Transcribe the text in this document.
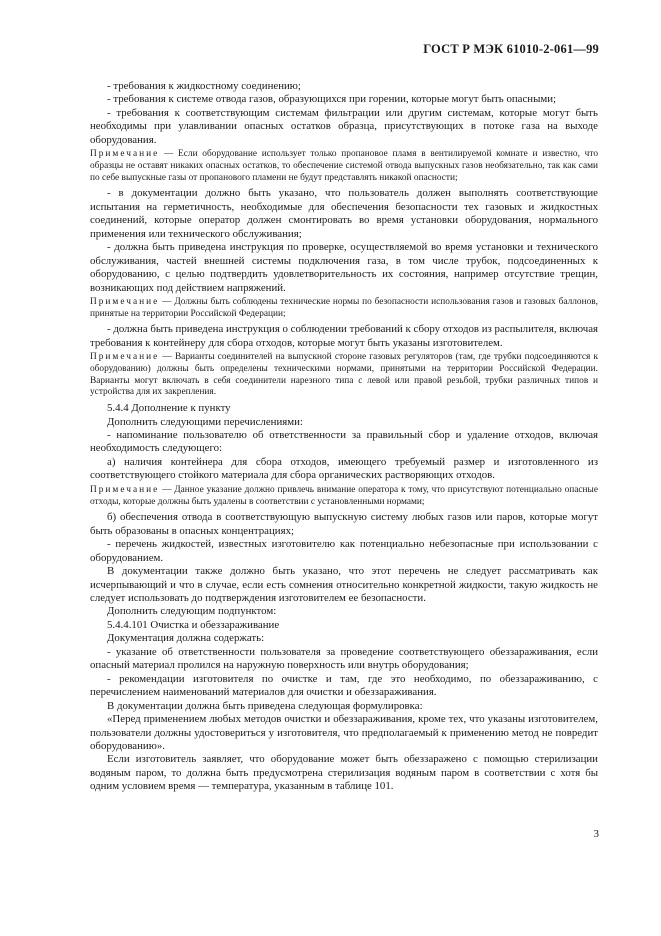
ГОСТ Р МЭК 61010-2-061—99

- требования к жидкостному соединению;

- требования к системе отвода газов, образующихся при горении, которые могут быть опасными;

- требования к соответствующим системам фильтрации или другим системам, которые могут быть необходимы при улавливании опасных остатков образца, присутствующих в потоке газа на выходе оборудования.

Примечание — Если оборудование использует только пропановое пламя в вентилируемой комнате и известно, что образцы не оставят никаких опасных остатков, то обеспечение системой отвода выпускных газов необязательно, так как сами по себе выпускные газы от пропанового пламени не будут представлять никакой опасности;

- в документации должно быть указано, что пользователь должен выполнять соответствующие испытания на герметичность, необходимые для обеспечения безопасности тех газовых и жидкостных соединений, которые оператор должен смонтировать во время установки оборудования, нормального применения или технического обслуживания;

- должна быть приведена инструкция по проверке, осуществляемой во время установки и технического обслуживания, частей внешней системы подключения газа, в том числе трубок, подсоединенных к оборудованию, с целью подтвердить удовлетворительность их состояния, например отсутствие трещин, возникающих под действием напряжений.

Примечание — Должны быть соблюдены технические нормы по безопасности использования газов и газовых баллонов, принятые на территории Российской Федерации;

- должна быть приведена инструкция о соблюдении требований к сбору отходов из распылителя, включая требования к контейнеру для сбора отходов, которые могут быть указаны изготовителем.

Примечание — Варианты соединителей на выпускной стороне газовых регуляторов (там, где трубки подсоединяются к оборудованию) должны быть определены техническими нормами, принятыми на территории Российской Федерации. Варианты могут включать в себя соединители нарезного типа с левой или правой резьбой, трубки различных типов и устройства для их закрепления.

5.4.4 Дополнение к пункту

Дополнить следующими перечислениями:

- напоминание пользователю об ответственности за правильный сбор и удаление отходов, включая необходимость следующего:

а) наличия контейнера для сбора отходов, имеющего требуемый размер и изготовленного из соответствующего стойкого материала для сбора органических растворяющих отходов.

Примечание — Данное указание должно привлечь внимание оператора к тому, что присутствуют потенциально опасные отходы, которые должны быть удалены в соответствии с установленными нормами;

б) обеспечения отвода в соответствующую выпускную систему любых газов или паров, которые могут быть образованы в опасных концентрациях;

- перечень жидкостей, известных изготовителю как потенциально небезопасные при использовании с оборудованием.

В документации также должно быть указано, что этот перечень не следует рассматривать как исчерпывающий и что в случае, если есть сомнения относительно конкретной жидкости, такую жидкость не следует использовать до подтверждения изготовителем ее безопасности.

Дополнить следующим подпунктом:

5.4.4.101 Очистка и обеззараживание

Документация должна содержать:

- указание об ответственности пользователя за проведение соответствующего обеззараживания, если опасный материал пролился на наружную поверхность или внутрь оборудования;

- рекомендации изготовителя по очистке и там, где это необходимо, по обеззараживанию, с перечислением наименований материалов для очистки и обеззараживания.

В документации должна быть приведена следующая формулировка:

«Перед применением любых методов очистки и обеззараживания, кроме тех, что указаны изготовителем, пользователи должны удостовериться у изготовителя, что предполагаемый к применению метод не повредит оборудованию».

Если изготовитель заявляет, что оборудование может быть обеззаражено с помощью стерилизации водяным паром, то должна быть предусмотрена стерилизация водяным паром в соответствии с хотя бы одним условием время — температура, указанным в таблице 101.

3
